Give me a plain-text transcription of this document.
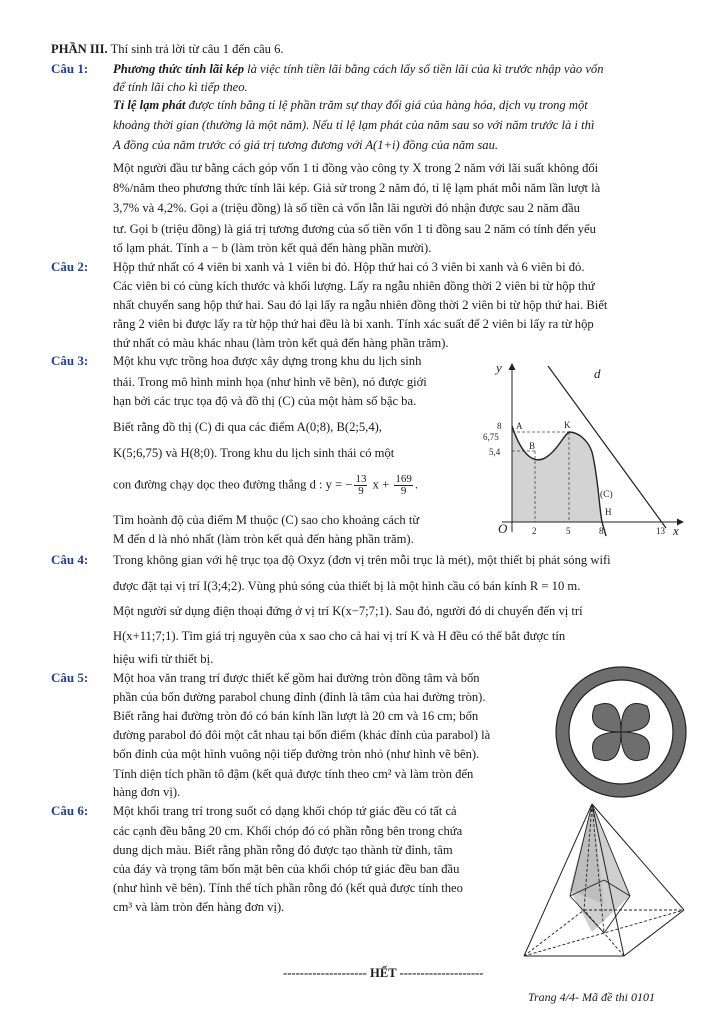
PHẦN III. Thí sinh trả lời từ câu 1 đến câu 6.
Câu 1: Phương thức tính lãi kép là việc tính tiền lãi bằng cách lấy số tiền lãi của kì trước nhập vào vốn
để tính lãi cho kì tiếp theo.
Tỉ lệ lạm phát được tính bằng tỉ lệ phần trăm sự thay đổi giá của hàng hóa, dịch vụ trong một
khoảng thời gian (thường là một năm). Nếu tỉ lệ lạm phát của năm sau so với năm trước là i thì
A đồng của năm trước có giá trị tương đương với A(1+i) đồng của năm sau.
Một người đầu tư bằng cách góp vốn 1 tỉ đồng vào công ty X trong 2 năm với lãi suất không đổi
8%/năm theo phương thức tính lãi kép. Giả sử trong 2 năm đó, tỉ lệ lạm phát mỗi năm lần lượt là
3,7% và 4,2%. Gọi a (triệu đồng) là số tiền cả vốn lẫn lãi người đó nhận được sau 2 năm đầu
tư. Gọi b (triệu đồng) là giá trị tương đương của số tiền vốn 1 tỉ đồng sau 2 năm có tính đến yếu
tố lạm phát. Tính a − b (làm tròn kết quả đến hàng phần mười).
Câu 2: Hộp thứ nhất có 4 viên bi xanh và 1 viên bi đỏ. Hộp thứ hai có 3 viên bi xanh và 6 viên bi đỏ.
Các viên bi có cùng kích thước và khối lượng. Lấy ra ngẫu nhiên đồng thời 2 viên bi từ hộp thứ
nhất chuyển sang hộp thứ hai. Sau đó lại lấy ra ngẫu nhiên đồng thời 2 viên bi từ hộp thứ hai. Biết
rằng 2 viên bi được lấy ra từ hộp thứ hai đều là bi xanh. Tính xác suất để 2 viên bi lấy ra từ hộp
thứ nhất có màu khác nhau (làm tròn kết quả đến hàng phần trăm).
Câu 3: Một khu vực trồng hoa được xây dựng trong khu du lịch sinh
thái. Trong mô hình minh họa (như hình vẽ bên), nó được giới
hạn bởi các trục tọa độ và đồ thị (C) của một hàm số bậc ba.
Biết rằng đồ thị (C) đi qua các điểm A(0;8), B(2;5,4),
K(5;6,75) và H(8;0). Trong khu du lịch sinh thái có một
con đường chạy dọc theo đường thẳng d : y = − $\frac{13}{9}$ $x + \frac{169}{9}$ .
Tìm hoành độ của điểm M thuộc (C) sao cho khoảng cách từ
M đến d là nhỏ nhất (làm tròn kết quả đến hàng phần trăm).
y
x
O
d
(C)
8
6,75
5,4
2	5	8	13
A
B
K
H
Câu 4: Trong không gian với hệ trục tọa độ Oxyz (đơn vị trên mỗi trục là mét), một thiết bị phát sóng wifi
được đặt tại vị trí I(3;4;2). Vùng phủ sóng của thiết bị là một hình cầu có bán kính R = 10 m.
Một người sử dụng điện thoại đứng ở vị trí K(x−7;7;1). Sau đó, người đó di chuyển đến vị trí
H(x+11;7;1). Tìm giá trị nguyên của x sao cho cả hai vị trí K và H đều có thể bắt được tín
hiệu wifi từ thiết bị.
Câu 5: Một hoa văn trang trí được thiết kế gồm hai đường tròn đồng tâm và bốn
phần của bốn đường parabol chung đỉnh (đỉnh là tâm của hai đường tròn).
Biết rằng hai đường tròn đó có bán kính lần lượt là 20 cm và 16 cm; bốn
đường parabol đó đôi một cắt nhau tại bốn điểm (khác đỉnh của parabol) là
bốn đỉnh của một hình vuông nội tiếp đường tròn nhỏ (như hình vẽ bên).
Tính diện tích phần tô đậm (kết quả được tính theo cm² và làm tròn đến
hàng đơn vị).
Câu 6: Một khối trang trí trong suốt có dạng khối chóp tứ giác đều có tất cả
các cạnh đều bằng 20 cm. Khối chóp đó có phần rỗng bên trong chứa
dung dịch màu. Biết rằng phần rỗng đó được tạo thành từ đỉnh, tâm
của đáy và trọng tâm bốn mặt bên của khối chóp tứ giác đều ban đầu
(như hình vẽ bên). Tính thể tích phần rỗng đó (kết quả được tính theo
cm³ và làm tròn đến hàng đơn vị).
-------------------- HẾT --------------------
Trang 4/4- Mã đề thi 0101
